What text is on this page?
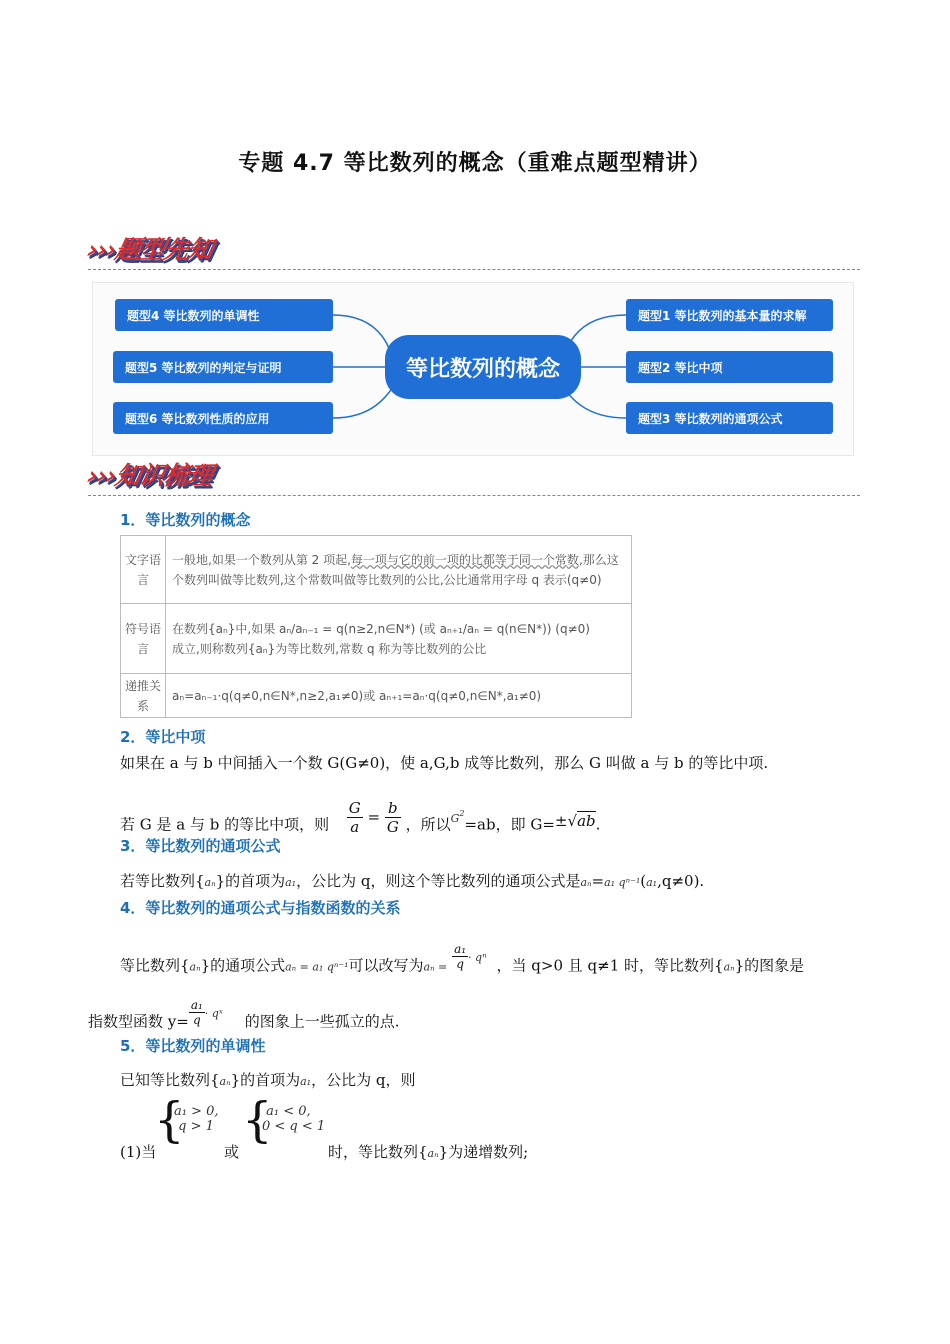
专题 4.7 等比数列的概念（重难点题型精讲）
›››题型先知
题型4 等比数列的单调性
题型5 等比数列的判定与证明
题型6 等比数列性质的应用
等比数列的概念
题型1 等比数列的基本量的求解
题型2 等比中项
题型3 等比数列的通项公式
›››知识梳理
1．等比数列的概念
文字语言	一般地,如果一个数列从第 2 项起,每一项与它的前一项的比都等于同一个常数,那么这个数列叫做等比数列,这个常数叫做等比数列的公比,公比通常用字母 q 表示(q≠0)
符号语言	在数列{aₙ}中,如果 aₙ/aₙ₋₁ = q(n≥2,n∈N*) (或 aₙ₊₁/aₙ = q(n∈N*)) (q≠0)
成立,则称数列{aₙ}为等比数列,常数 q 称为等比数列的公比

递推关系	aₙ=aₙ₋₁·q(q≠0,n∈N*,n≥2,a₁≠0)或 aₙ₊₁=aₙ·q(q≠0,n∈N*,a₁≠0)
2．等比中项
如果在 a 与 b 中间插入一个数 G(G≠0)，使 a,G,b 成等比数列，那么 G 叫做 a 与 b 的等比中项.
若 G 是 a 与 b 的等比中项，则 $\frac{G}{a} = \frac{b}{G}$ ，所以$^{G2}$=ab，即 G=±√ab.
3．等比数列的通项公式
若等比数列{aₙ}的首项为a₁，公比为 q，则这个等比数列的通项公式是aₙ=a₁ qⁿ⁻¹(a₁,q≠0).
4．等比数列的通项公式与指数函数的关系
等比数列{aₙ}的通项公式aₙ = a₁ qⁿ⁻¹可以改写为$a_n = \frac{\text{a₁}}{q} ^{\cdot q^n}$ ，当 q>0 且 q≠1 时，等比数列{aₙ}的图象是
指数型函数 $y= \frac{\text{a₁}}{q} ^{\cdot qˣ}$ 的图象上一些孤立的点.
5．等比数列的单调性
已知等比数列{aₙ}的首项为a₁，公比为 q，则
(1)当
{
a₁ > 0,
q > 1
或
{
a₁ < 0,
0 < q < 1
时，等比数列{aₙ}为递增数列;
